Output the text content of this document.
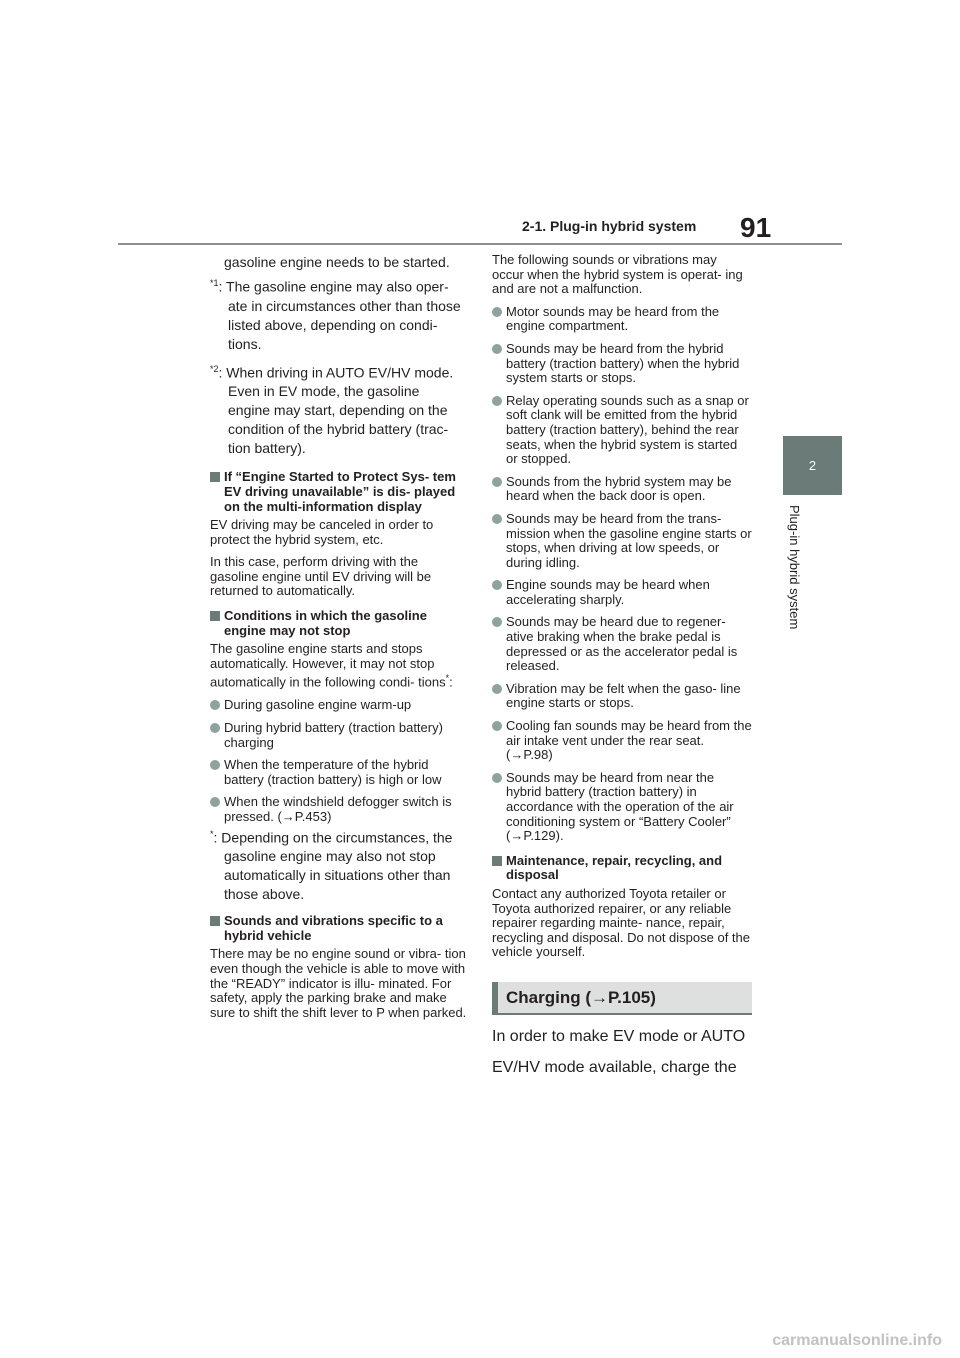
2-1. Plug-in hybrid system 91
2
Plug-in hybrid system

gasoline engine needs to be started.

$^{*1}$: The gasoline engine may also oper-
ate in circumstances other than those
listed above, depending on condi-
tions.
$^{*2}$: When driving in AUTO EV/HV mode.
Even in EV mode, the gasoline
engine may start, depending on the
condition of the hybrid battery (trac-
tion battery).
If “Engine Started to Protect Sys- tem EV driving unavailable” is dis- played on the multi-information display

EV driving may be canceled in order to protect the hybrid system, etc.

In this case, perform driving with the gasoline engine until EV driving will be returned to automatically.

Conditions in which the gasoline engine may not stop

The gasoline engine starts and stops automatically. However, it may not stop automatically in the following condi- tions*:

During gasoline engine warm-up
During hybrid battery (traction battery) charging
When the temperature of the hybrid battery (traction battery) is high or low
When the windshield defogger switch is pressed. (→P.453)
*: Depending on the circumstances, the
gasoline engine may also not stop
automatically in situations other than
those above.
Sounds and vibrations specific to a hybrid vehicle

There may be no engine sound or vibra- tion even though the vehicle is able to move with the “READY” indicator is illu- minated. For safety, apply the parking brake and make sure to shift the shift lever to P when parked.

The following sounds or vibrations may occur when the hybrid system is operat- ing and are not a malfunction.

Motor sounds may be heard from the engine compartment.
Sounds may be heard from the hybrid battery (traction battery) when the hybrid system starts or stops.
Relay operating sounds such as a snap or soft clank will be emitted from the hybrid battery (traction battery), behind the rear seats, when the hybrid system is started or stopped.
Sounds from the hybrid system may be heard when the back door is open.
Sounds may be heard from the trans- mission when the gasoline engine starts or stops, when driving at low speeds, or during idling.
Engine sounds may be heard when accelerating sharply.
Sounds may be heard due to regener- ative braking when the brake pedal is depressed or as the accelerator pedal is released.
Vibration may be felt when the gaso- line engine starts or stops.
Cooling fan sounds may be heard from the air intake vent under the rear seat. (→P.98)
Sounds may be heard from near the hybrid battery (traction battery) in accordance with the operation of the air conditioning system or “Battery Cooler” (→P.129).
Maintenance, repair, recycling, and disposal

Contact any authorized Toyota retailer or Toyota authorized repairer, or any reliable repairer regarding mainte- nance, repair, recycling and disposal. Do not dispose of the vehicle yourself.

Charging (→P.105)

In order to make EV mode or AUTO

EV/HV mode available, charge the

carmanualsonline.info
